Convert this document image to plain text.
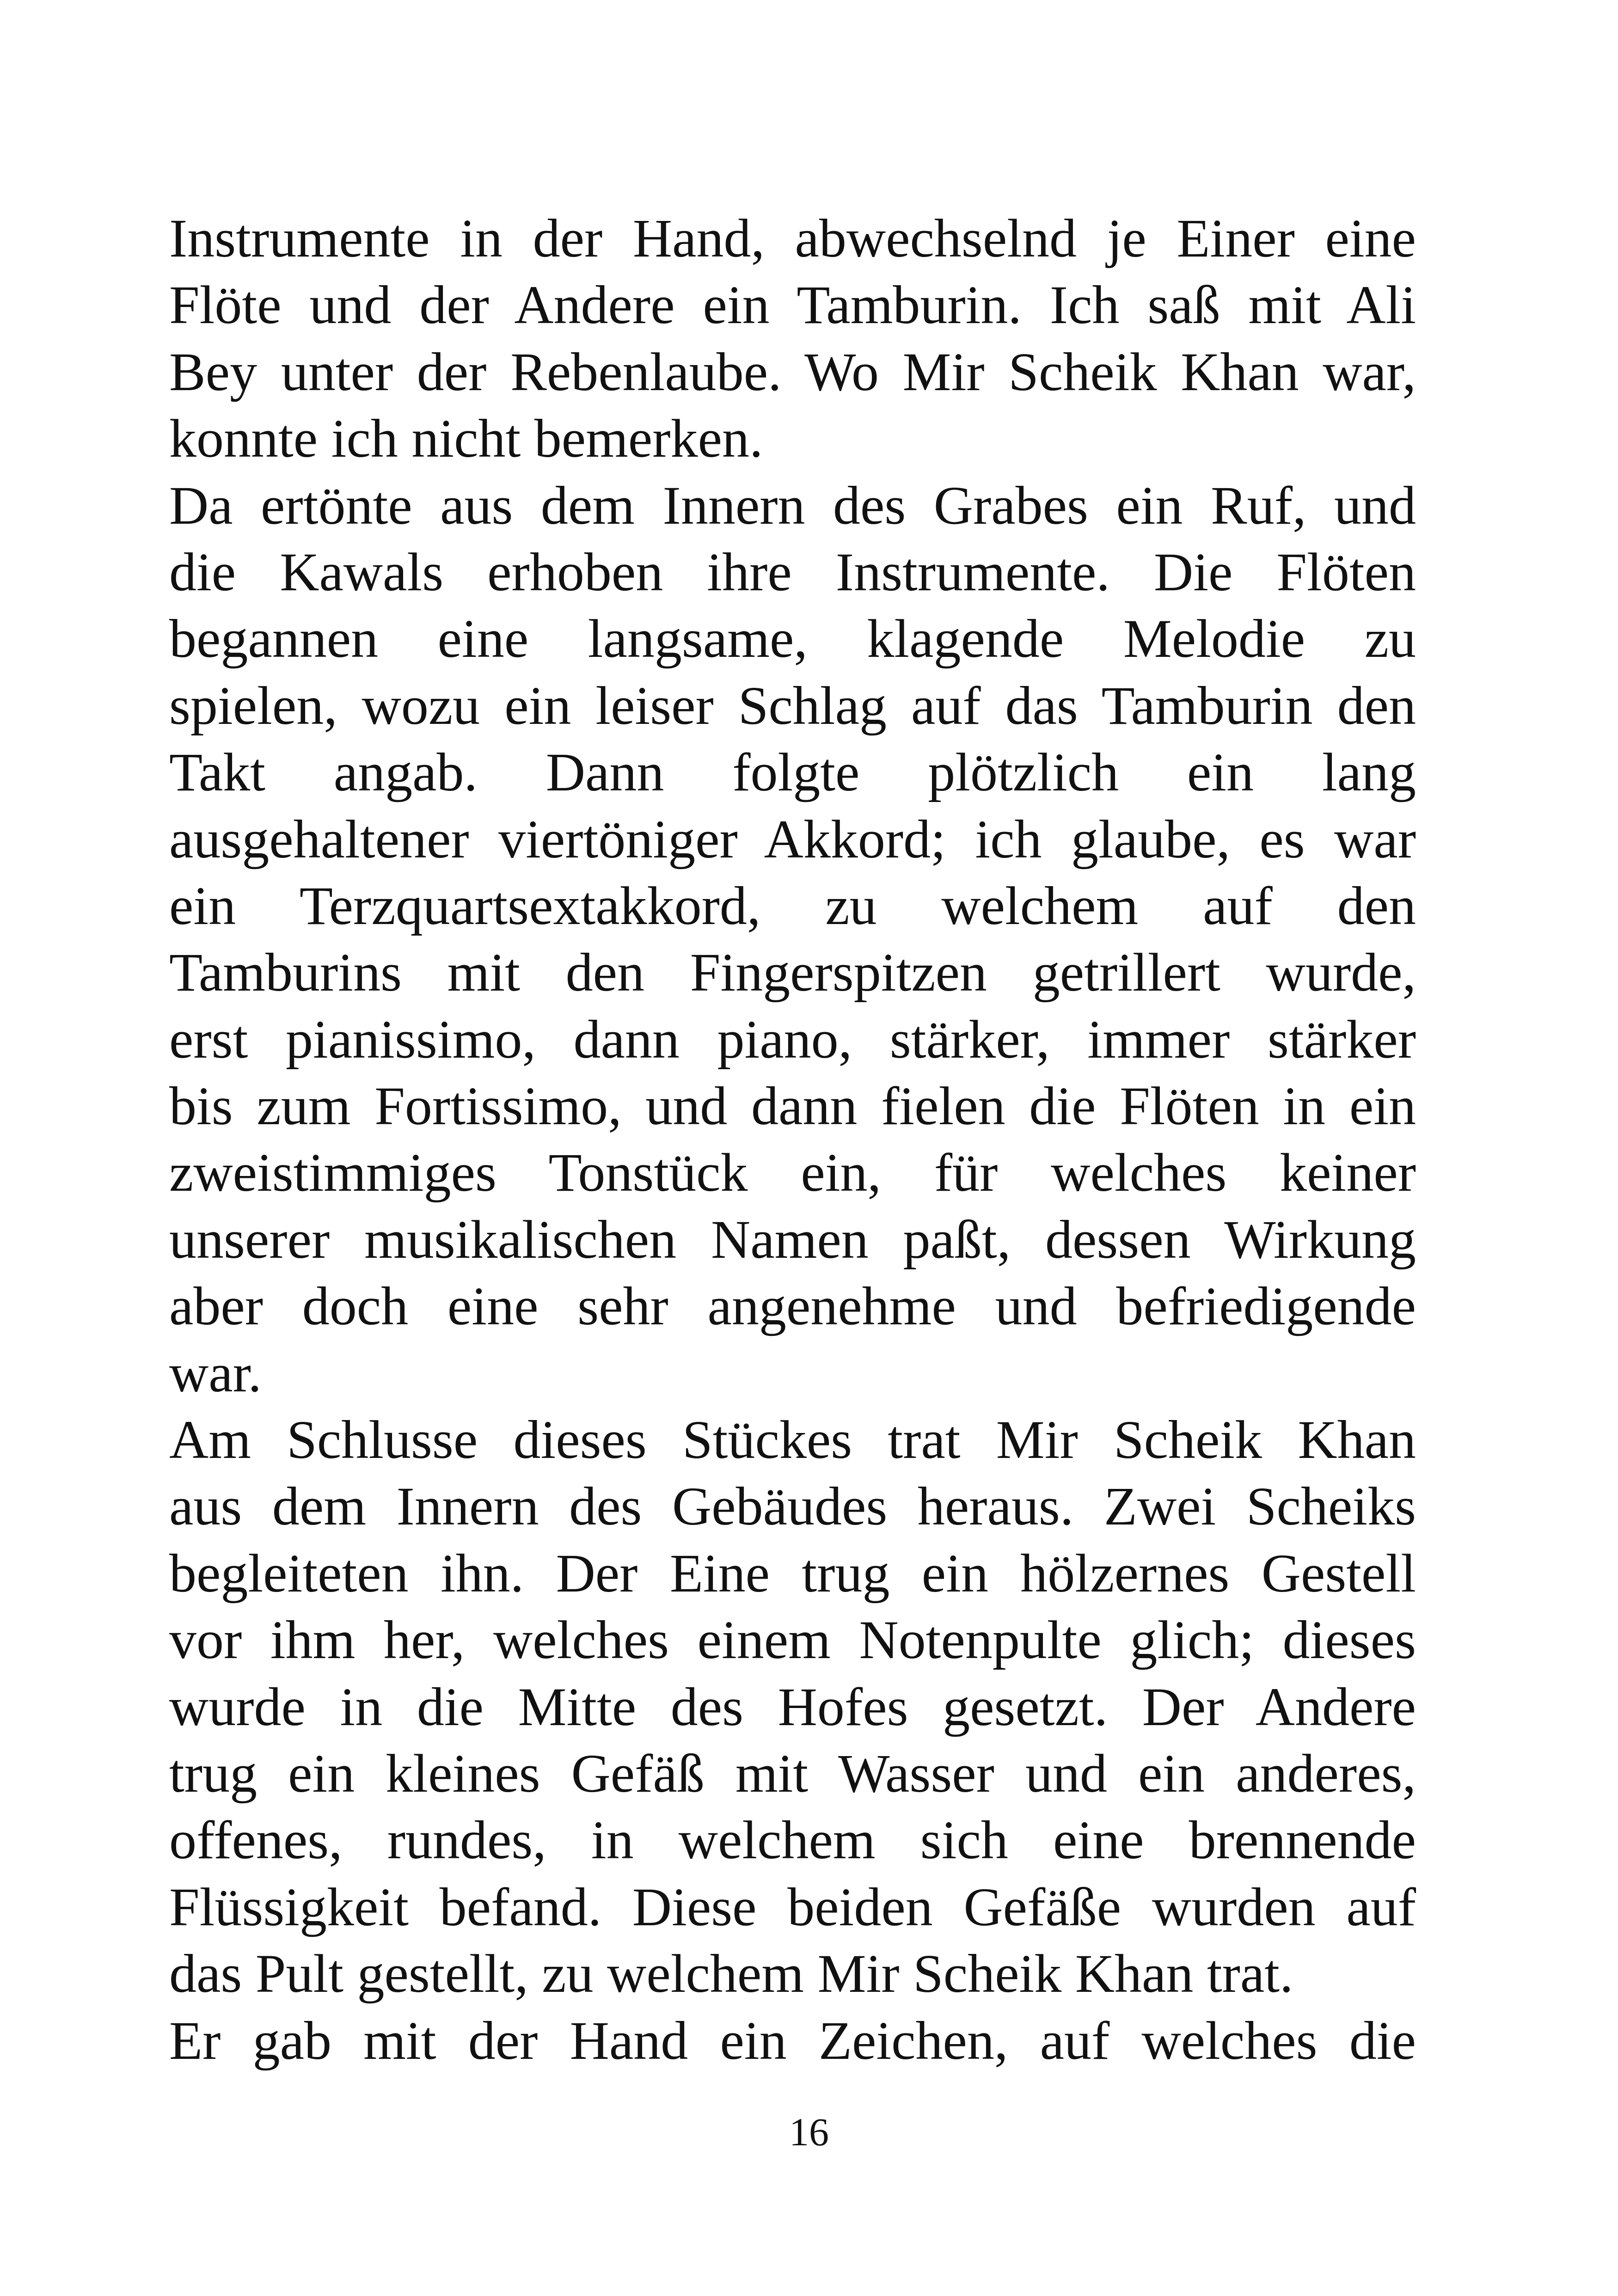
Instrumente in der Hand, abwechselnd je Einer eine
Flöte und der Andere ein Tamburin. Ich saß mit Ali
Bey unter der Rebenlaube. Wo Mir Scheik Khan war,
konnte ich nicht bemerken.
Da ertönte aus dem Innern des Grabes ein Ruf, und
die Kawals erhoben ihre Instrumente. Die Flöten
begannen eine langsame, klagende Melodie zu
spielen, wozu ein leiser Schlag auf das Tamburin den
Takt angab. Dann folgte plötzlich ein lang
ausgehaltener viertöniger Akkord; ich glaube, es war
ein Terzquartsextakkord, zu welchem auf den
Tamburins mit den Fingerspitzen getrillert wurde,
erst pianissimo, dann piano, stärker, immer stärker
bis zum Fortissimo, und dann fielen die Flöten in ein
zweistimmiges Tonstück ein, für welches keiner
unserer musikalischen Namen paßt, dessen Wirkung
aber doch eine sehr angenehme und befriedigende
war.
Am Schlusse dieses Stückes trat Mir Scheik Khan
aus dem Innern des Gebäudes heraus. Zwei Scheiks
begleiteten ihn. Der Eine trug ein hölzernes Gestell
vor ihm her, welches einem Notenpulte glich; dieses
wurde in die Mitte des Hofes gesetzt. Der Andere
trug ein kleines Gefäß mit Wasser und ein anderes,
offenes, rundes, in welchem sich eine brennende
Flüssigkeit befand. Diese beiden Gefäße wurden auf
das Pult gestellt, zu welchem Mir Scheik Khan trat.
Er gab mit der Hand ein Zeichen, auf welches die
16
